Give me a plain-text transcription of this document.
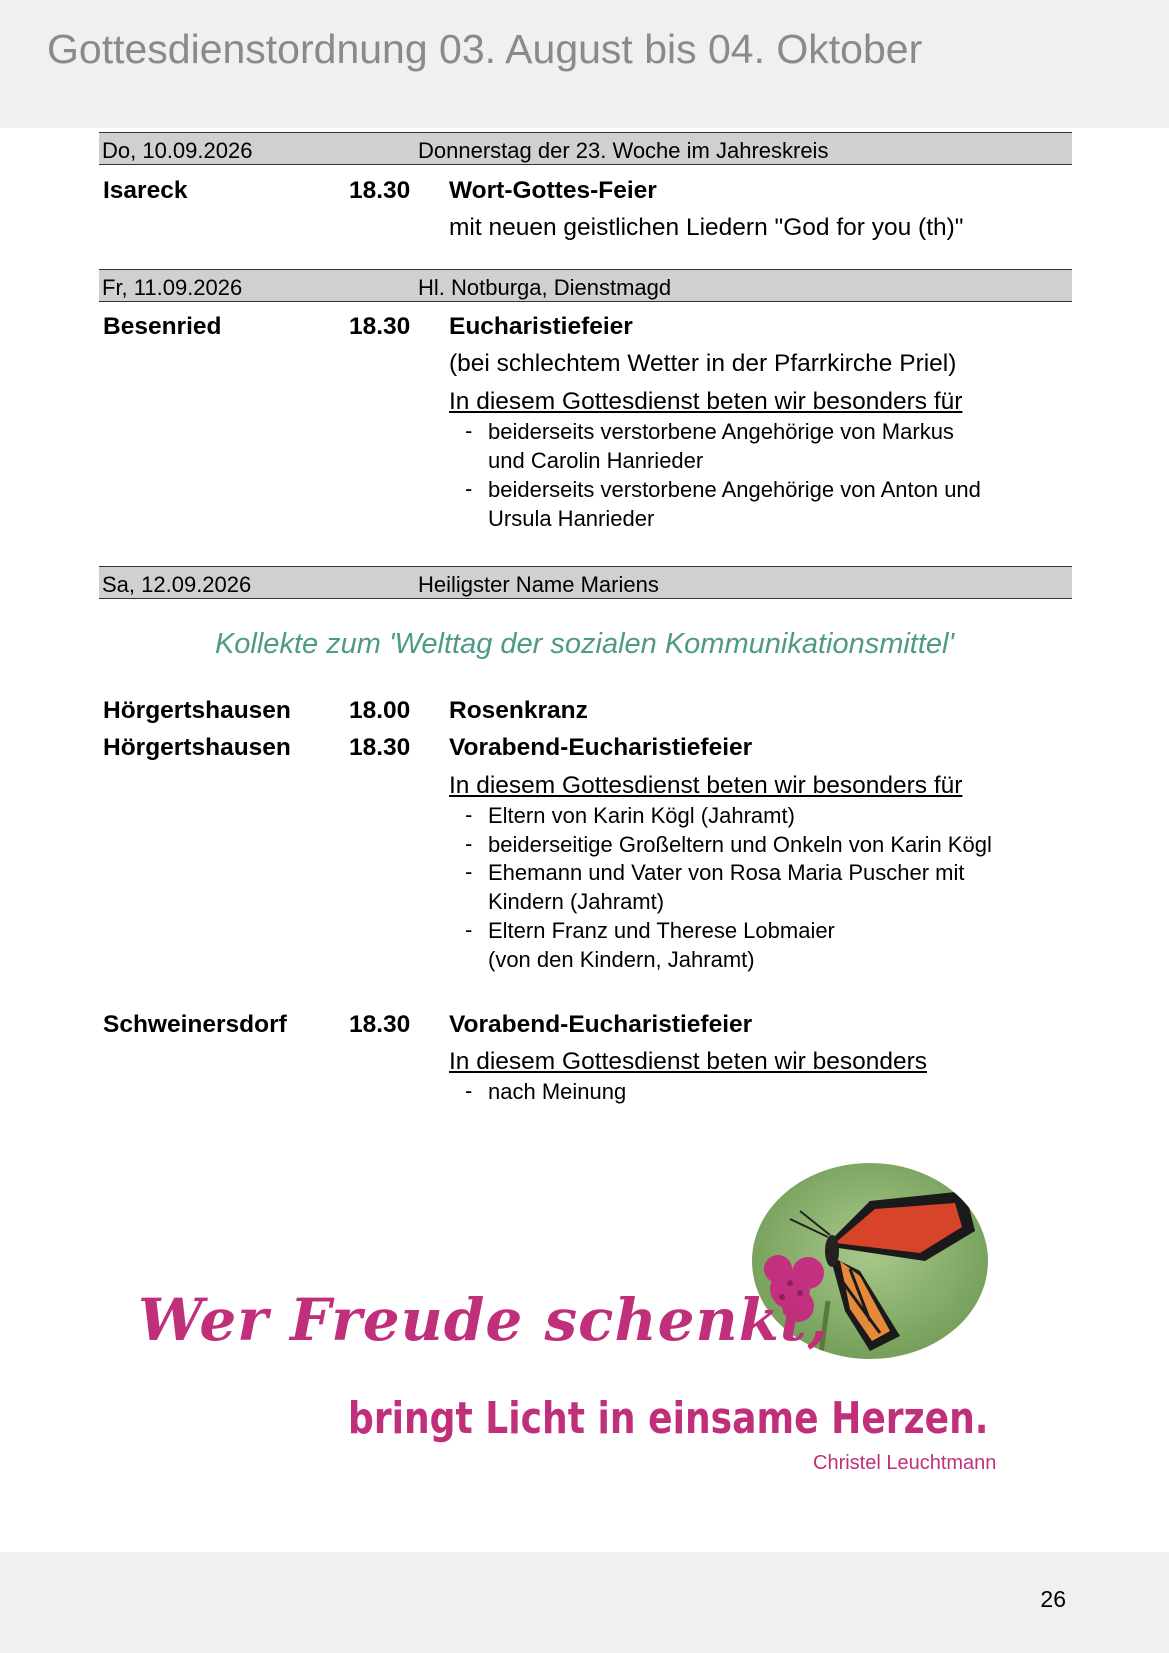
Gottesdienstordnung 03. August bis 04. Oktober
Do, 10.09.2026	Donnerstag der 23. Woche im Jahreskreis
Isareck	18.30 Wort-Gottes-Feier
mit neuen geistlichen Liedern "God for you (th)"
Fr, 11.09.2026	Hl. Notburga, Dienstmagd
Besenried	18.30 Eucharistiefeier
(bei schlechtem Wetter in der Pfarrkirche Priel)
In diesem Gottesdienst beten wir besonders für
- beiderseits verstorbene Angehörige von Markus
und Carolin Hanrieder
- beiderseits verstorbene Angehörige von Anton und
Ursula Hanrieder
Sa, 12.09.2026	Heiligster Name Mariens
Kollekte zum 'Welttag der sozialen Kommunikationsmittel'
Hörgertshausen 18.00 Rosenkranz
Hörgertshausen 18.30 Vorabend-Eucharistiefeier
In diesem Gottesdienst beten wir besonders für
- Eltern von Karin Kögl (Jahramt)
- beiderseitige Großeltern und Onkeln von Karin Kögl
- Ehemann und Vater von Rosa Maria Puscher mit
Kindern (Jahramt)
- Eltern Franz und Therese Lobmaier
(von den Kindern, Jahramt)
Schweinersdorf	18.30 Vorabend-Eucharistiefeier
In diesem Gottesdienst beten wir besonders
- nach Meinung
Wer Freude schenkt,
bringt Licht in einsame Herzen.
Christel Leuchtmann
26
